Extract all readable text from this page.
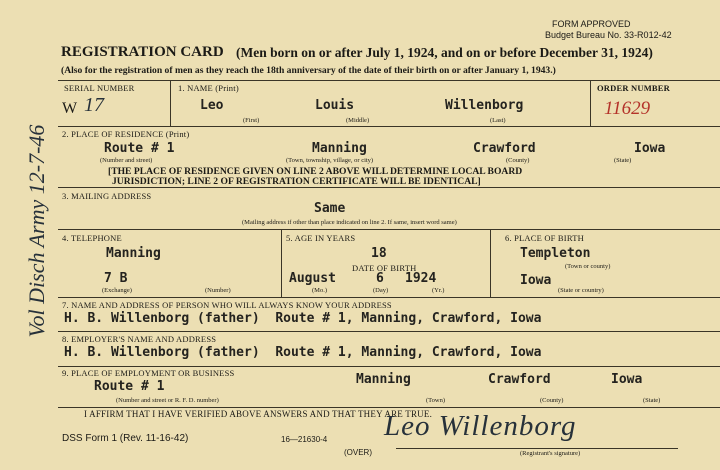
Vol Disch Army 12-7-46
FORM APPROVED
Budget Bureau No. 33-R012-42
REGISTRATION CARD (Men born on or after July 1, 1924, and on or before December 31, 1924)
(Also for the registration of men as they reach the 18th anniversary of the date of their birth on or after January 1, 1943.)
SERIAL NUMBER
W 17
1. NAME (Print)
Leo	Louis	Willenborg
(First)	(Middle)	(Last)
ORDER NUMBER
11629
2. PLACE OF RESIDENCE (Print)
Route # 1	Manning	Crawford	Iowa
(Number and street)	(Town, township, village, or city)	(County)	(State)
[THE PLACE OF RESIDENCE GIVEN ON LINE 2 ABOVE WILL DETERMINE LOCAL BOARD
JURISDICTION; LINE 2 OF REGISTRATION CERTIFICATE WILL BE IDENTICAL]
3. MAILING ADDRESS
Same
(Mailing address if other than place indicated on line 2. If same, insert word same)
4. TELEPHONE
Manning
7 B
(Exchange)	(Number)
5. AGE IN YEARS
18
DATE OF BIRTH
August	6 1924
(Mo.)	(Day)	(Yr.)
6. PLACE OF BIRTH
Templeton
(Town or county)
Iowa
(State or country)
7. NAME AND ADDRESS OF PERSON WHO WILL ALWAYS KNOW YOUR ADDRESS
H. B. Willenborg (father)  Route # 1, Manning, Crawford, Iowa
8. EMPLOYER'S NAME AND ADDRESS
H. B. Willenborg (father)  Route # 1, Manning, Crawford, Iowa
9. PLACE OF EMPLOYMENT OR BUSINESS
Route # 1	Manning	Crawford	Iowa
(Number and street or R. F. D. number)	(Town)	(County)	(State)
I AFFIRM THAT I HAVE VERIFIED ABOVE ANSWERS AND THAT THEY ARE TRUE.
Leo Willenborg
(Registrant's signature)
DSS Form 1 (Rev. 11-16-42)	16—21630-4
(OVER)
